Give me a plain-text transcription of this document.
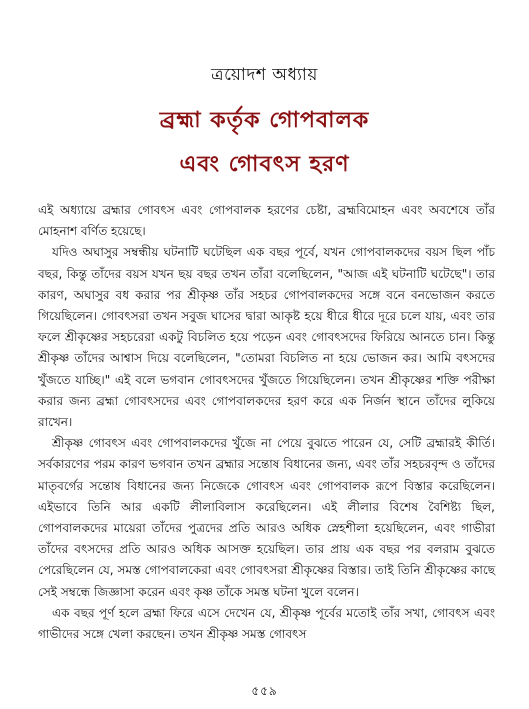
ত্রয়োদশ অধ্যায়
ব্রহ্মা কর্তৃক গোপবালক
এবং গোবৎস হরণ

এই অধ্যায়ে ব্রহ্মার গোবৎস এবং গোপবালক হরণের চেষ্টা, ব্রহ্মবিমোহন এবং অবশেষে তাঁর মোহনাশ বর্ণিত হয়েছে।

যদিও অঘাসুর সম্বন্ধীয় ঘটনাটি ঘটেছিল এক বছর পূর্বে, যখন গোপবালকদের বয়স ছিল পাঁচ বছর, কিন্তু তাঁদের বয়স যখন ছয় বছর তখন তাঁরা বলেছিলেন, "আজ এই ঘটনাটি ঘটেছে"। তার কারণ, অঘাসুর বধ করার পর শ্রীকৃষ্ণ তাঁর সহচর গোপবালকদের সঙ্গে বনে বনভোজন করতে গিয়েছিলেন। গোবৎসরা তখন সবুজ ঘাসের দ্বারা আকৃষ্ট হয়ে ধীরে ধীরে দূরে চলে যায়, এবং তার ফলে শ্রীকৃষ্ণের সহচরেরা একটু বিচলিত হয়ে পড়েন এবং গোবৎসদের ফিরিয়ে আনতে চান। কিন্তু শ্রীকৃষ্ণ তাঁদের আশ্বাস দিয়ে বলেছিলেন, "তোমরা বিচলিত না হয়ে ভোজন কর। আমি বৎসদের খুঁজতে যাচ্ছি।" এই বলে ভগবান গোবৎসদের খুঁজতে গিয়েছিলেন। তখন শ্রীকৃষ্ণের শক্তি পরীক্ষা করার জন্য ব্রহ্মা গোবৎসদের এবং গোপবালকদের হরণ করে এক নির্জন স্থানে তাঁদের লুকিয়ে রাখেন।

শ্রীকৃষ্ণ গোবৎস এবং গোপবালকদের খুঁজে না পেয়ে বুঝতে পারেন যে, সেটি ব্রহ্মারই কীর্তি। সর্বকারণের পরম কারণ ভগবান তখন ব্রহ্মার সন্তোষ বিধানের জন্য, এবং তাঁর সহচরবৃন্দ ও তাঁদের মাতৃবর্গের সন্তোষ বিধানের জন্য নিজেকে গোবৎস এবং গোপবালক রূপে বিস্তার করেছিলেন। এইভাবে তিনি আর একটি লীলাবিলাস করেছিলেন। এই লীলার বিশেষ বৈশিষ্ট্য ছিল, গোপবালকদের মায়েরা তাঁদের পুত্রদের প্রতি আরও অধিক স্নেহশীলা হয়েছিলেন, এবং গাভীরা তাঁদের বৎসদের প্রতি আরও অধিক আসক্ত হয়েছিল। তার প্রায় এক বছর পর বলরাম বুঝতে পেরেছিলেন যে, সমস্ত গোপবালকেরা এবং গোবৎসরা শ্রীকৃষ্ণের বিস্তার। তাই তিনি শ্রীকৃষ্ণের কাছে সেই সম্বন্ধে জিজ্ঞাসা করেন এবং কৃষ্ণ তাঁকে সমস্ত ঘটনা খুলে বলেন।

এক বছর পূর্ণ হলে ব্রহ্মা ফিরে এসে দেখেন যে, শ্রীকৃষ্ণ পূর্বের মতোই তাঁর সখা, গোবৎস এবং গাভীদের সঙ্গে খেলা করছেন। তখন শ্রীকৃষ্ণ সমস্ত গোবৎস

৫৫৯
